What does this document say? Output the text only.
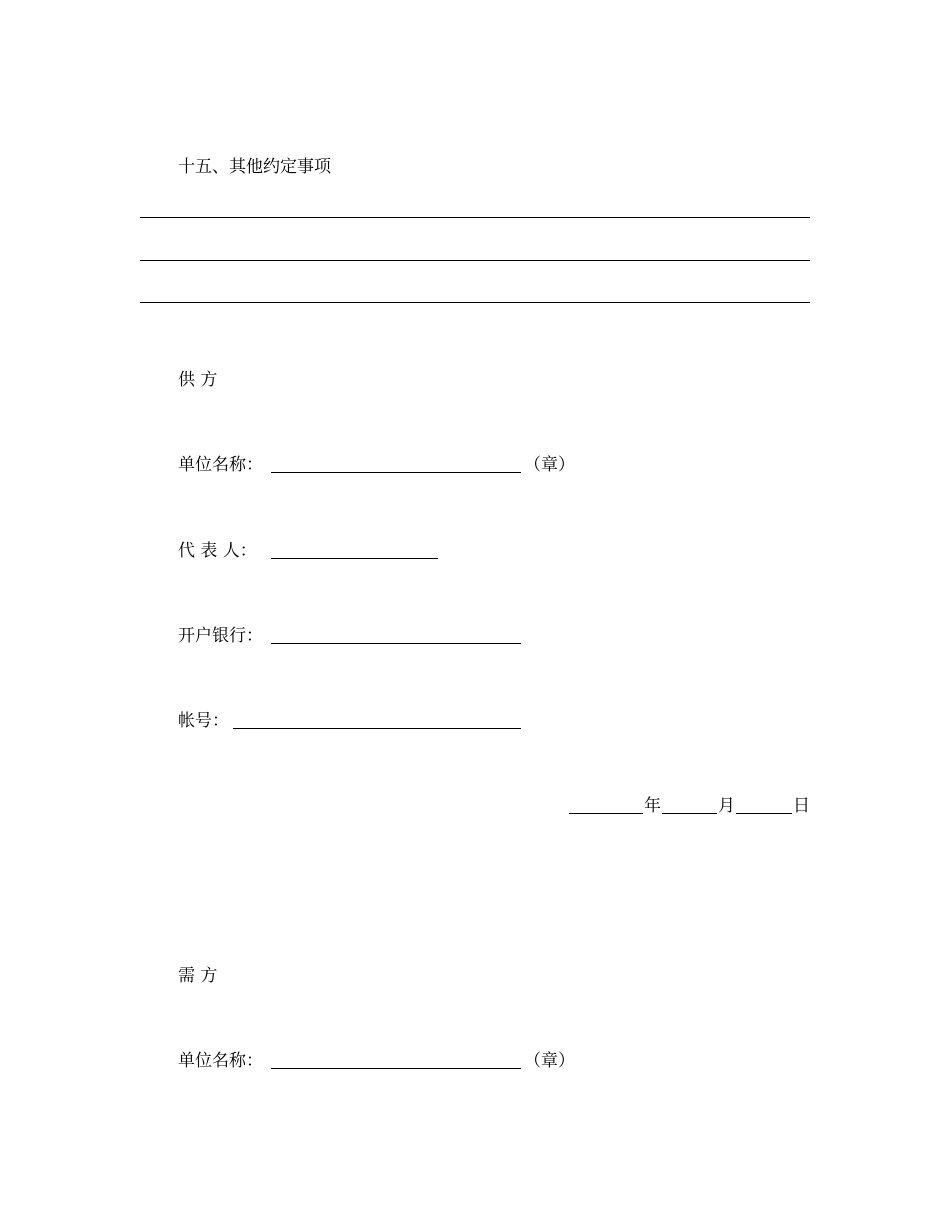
十五、其他约定事项
供 方
单位名称：	（章）
代 表 人：
开户银行：
帐号：
年	月	日
需 方
单位名称：	（章）
